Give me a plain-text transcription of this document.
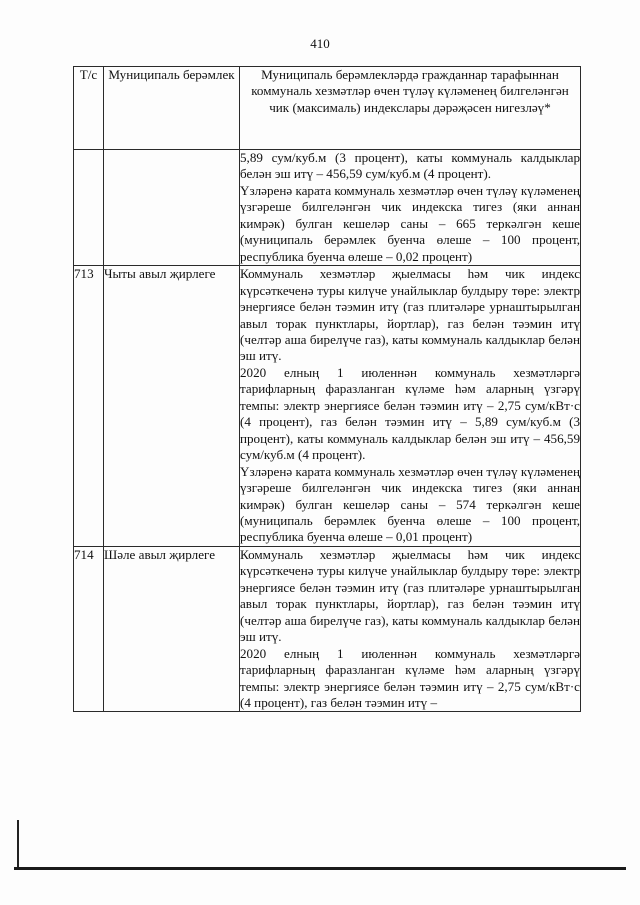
410
Т/с	Муниципаль берәмлек	Муниципаль берәмлекләрдә гражданнар тарафыннан коммуналь хезмәтләр өчен түләү күләменең билгеләнгән чик (максималь) индекслары дәрәҗәсен нигезләү*

		5,89 сум/куб.м (3 процент), каты коммуналь калдыклар белән эш итү – 456,59 сум/куб.м (4 процент).

Үзләренә карата коммуналь хезмәтләр өчен түләү күләменең үзгәреше билгеләнгән чик индекска тигез (яки аннан кимрәк) булган кешеләр саны – 665 теркәлгән кеше (муниципаль берәмлек буенча өлеше – 100 процент, республика буенча өлеше – 0,02 процент)

713	Чыты авыл җирлеге	Коммуналь хезмәтләр җыелмасы һәм чик индекс күрсәткеченә туры килүче унайлыклар булдыру төре: электр энергиясе белән тәэмин итү (газ плитәләре урнаштырылган авыл торак пунктлары, йортлар), газ белән тәэмин итү (челтәр аша бирелүче газ), каты коммуналь калдыклар белән эш итү.

2020 елның 1 июленнән коммуналь хезмәтләргә тарифларның фаразланган күләме һәм аларның үзгәрү темпы: электр энергиясе белән тәэмин итү – 2,75 сум/кВт·с (4 процент), газ белән тәэмин итү – 5,89 сум/куб.м (3 процент), каты коммуналь калдыклар белән эш итү – 456,59 сум/куб.м (4 процент).

Үзләренә карата коммуналь хезмәтләр өчен түләү күләменең үзгәреше билгеләнгән чик индекска тигез (яки аннан кимрәк) булган кешеләр саны – 574 теркәлгән кеше (муниципаль берәмлек буенча өлеше – 100 процент, республика буенча өлеше – 0,01 процент)

714	Шәле авыл җирлеге	Коммуналь хезмәтләр җыелмасы һәм чик индекс күрсәткеченә туры килүче унайлыклар булдыру төре: электр энергиясе белән тәэмин итү (газ плитәләре урнаштырылган авыл торак пунктлары, йортлар), газ белән тәэмин итү (челтәр аша бирелүче газ), каты коммуналь калдыклар белән эш итү.

2020 елның 1 июленнән коммуналь хезмәтләргә тарифларның фаразланган күләме һәм аларның үзгәрү темпы: электр энергиясе белән тәэмин итү – 2,75 сум/кВт·с (4 процент), газ белән тәэмин итү –
